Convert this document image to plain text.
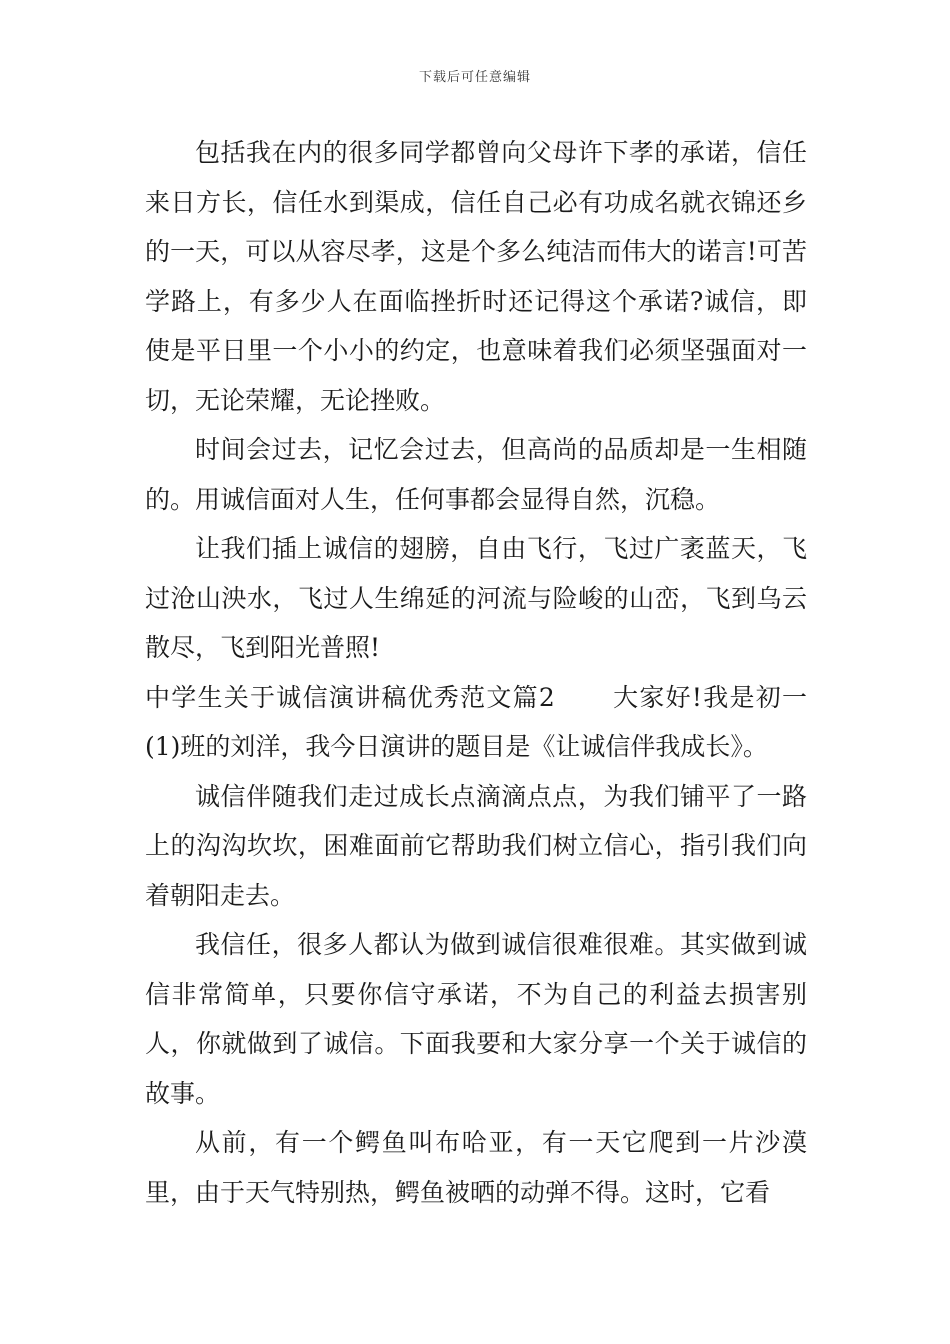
下载后可任意编辑

包括我在内的很多同学都曾向父母许下孝的承诺，信任来日方长，信任水到渠成，信任自己必有功成名就衣锦还乡的一天，可以从容尽孝，这是个多么纯洁而伟大的诺言!可苦学路上，有多少人在面临挫折时还记得这个承诺?诚信，即使是平日里一个小小的约定，也意味着我们必须坚强面对一切，无论荣耀，无论挫败。

时间会过去，记忆会过去，但高尚的品质却是一生相随的。用诚信面对人生，任何事都会显得自然，沉稳。

让我们插上诚信的翅膀，自由飞行，飞过广袤蓝天，飞过沧山泱水，飞过人生绵延的河流与险峻的山峦，飞到乌云散尽，飞到阳光普照!

中学生关于诚信演讲稿优秀范文篇2 大家好!我是初一(1)班的刘洋，我今日演讲的题目是《让诚信伴我成长》。

诚信伴随我们走过成长点滴滴点点，为我们铺平了一路上的沟沟坎坎，困难面前它帮助我们树立信心，指引我们向着朝阳走去。

我信任，很多人都认为做到诚信很难很难。其实做到诚信非常简单，只要你信守承诺，不为自己的利益去损害别人，你就做到了诚信。下面我要和大家分享一个关于诚信的故事。

从前，有一个鳄鱼叫布哈亚，有一天它爬到一片沙漠里，由于天气特别热，鳄鱼被晒的动弹不得。这时，它看
